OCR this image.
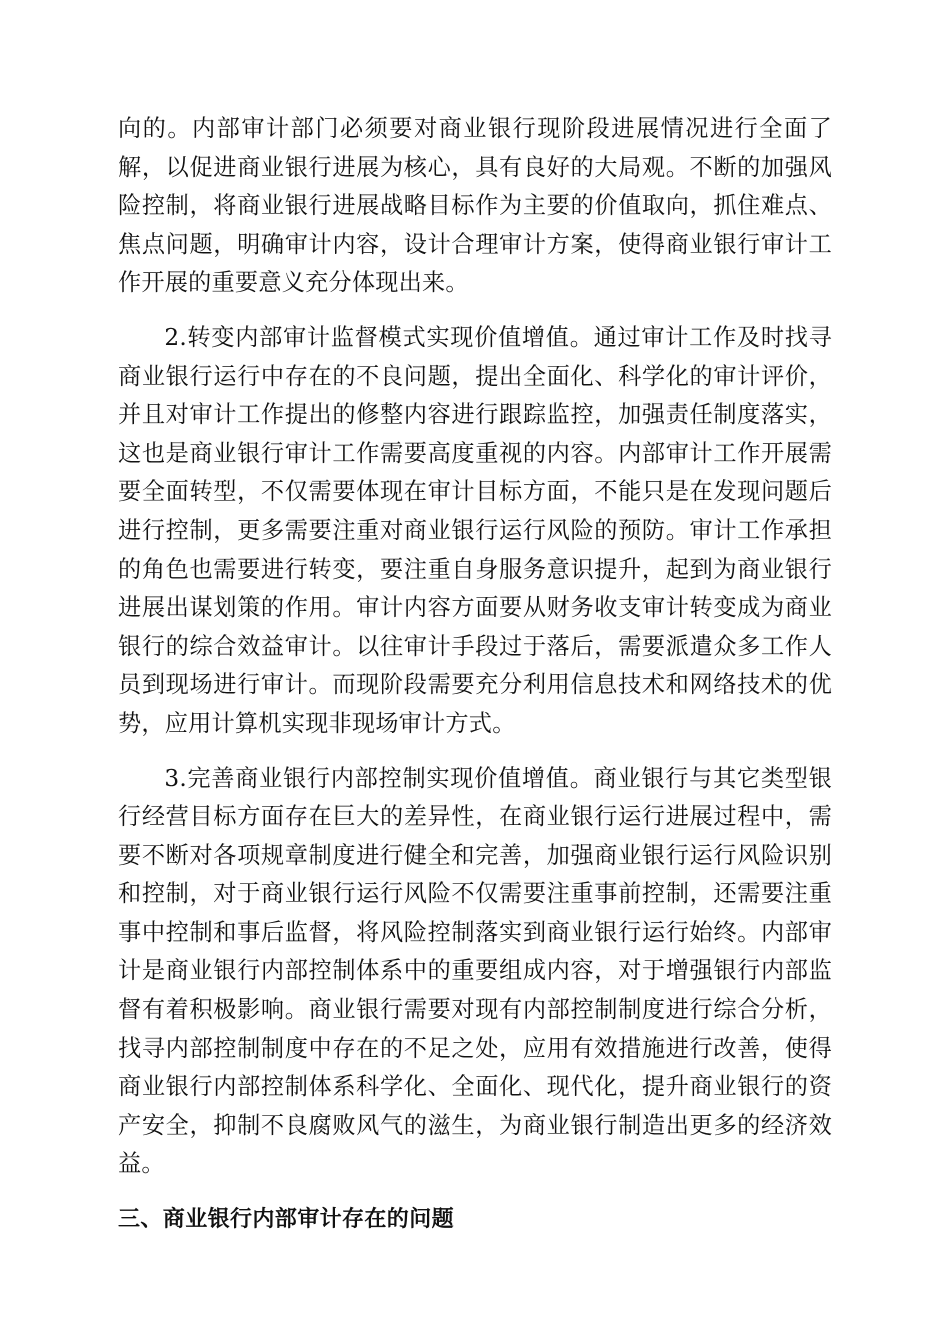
向的。内部审计部门必须要对商业银行现阶段进展情况进行全面了解，以促进商业银行进展为核心，具有良好的大局观。不断的加强风险控制，将商业银行进展战略目标作为主要的价值取向，抓住难点、焦点问题，明确审计内容，设计合理审计方案，使得商业银行审计工作开展的重要意义充分体现出来。

2.转变内部审计监督模式实现价值增值。通过审计工作及时找寻商业银行运行中存在的不良问题，提出全面化、科学化的审计评价，并且对审计工作提出的修整内容进行跟踪监控，加强责任制度落实，这也是商业银行审计工作需要高度重视的内容。内部审计工作开展需要全面转型，不仅需要体现在审计目标方面，不能只是在发现问题后进行控制，更多需要注重对商业银行运行风险的预防。审计工作承担的角色也需要进行转变，要注重自身服务意识提升，起到为商业银行进展出谋划策的作用。审计内容方面要从财务收支审计转变成为商业银行的综合效益审计。以往审计手段过于落后，需要派遣众多工作人员到现场进行审计。而现阶段需要充分利用信息技术和网络技术的优势，应用计算机实现非现场审计方式。

3.完善商业银行内部控制实现价值增值。商业银行与其它类型银行经营目标方面存在巨大的差异性，在商业银行运行进展过程中，需要不断对各项规章制度进行健全和完善，加强商业银行运行风险识别和控制，对于商业银行运行风险不仅需要注重事前控制，还需要注重事中控制和事后监督，将风险控制落实到商业银行运行始终。内部审计是商业银行内部控制体系中的重要组成内容，对于增强银行内部监督有着积极影响。商业银行需要对现有内部控制制度进行综合分析，找寻内部控制制度中存在的不足之处，应用有效措施进行改善，使得商业银行内部控制体系科学化、全面化、现代化，提升商业银行的资产安全，抑制不良腐败风气的滋生，为商业银行制造出更多的经济效益。

三、商业银行内部审计存在的问题
